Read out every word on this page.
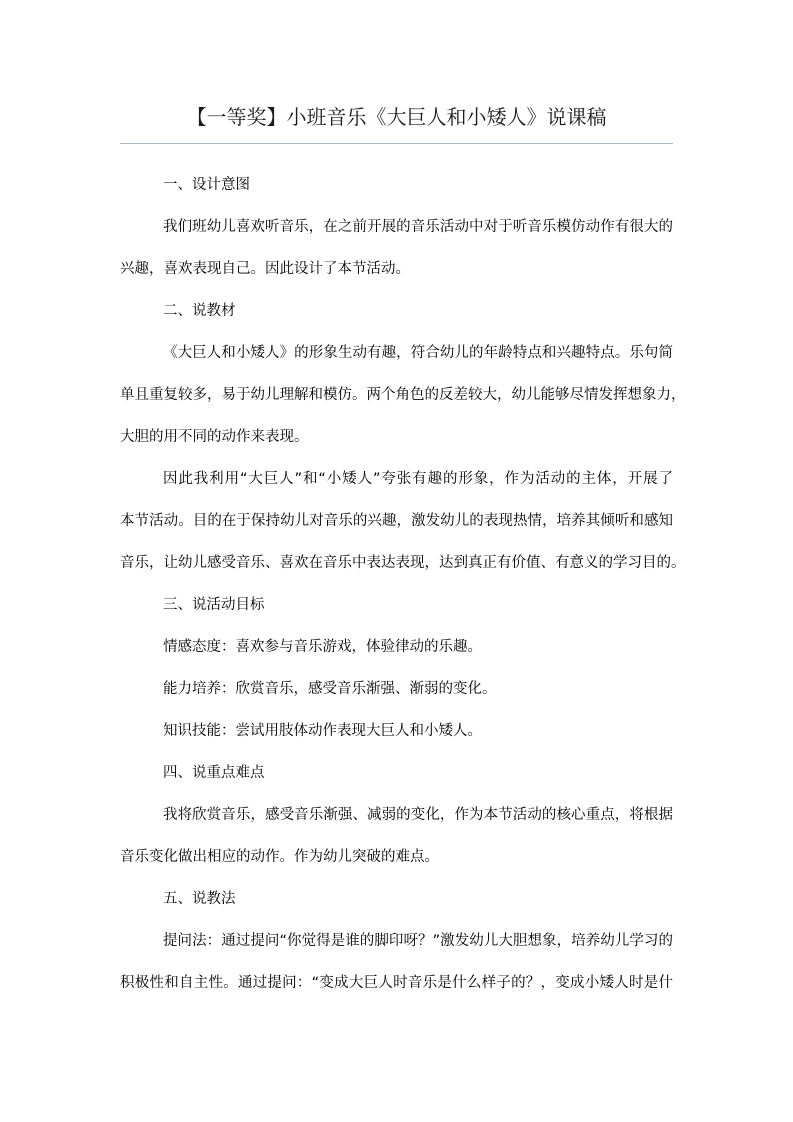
【一等奖】小班音乐《大巨人和小矮人》说课稿
一、设计意图
我们班幼儿喜欢听音乐，在之前开展的音乐活动中对于听音乐模仿动作有很大的
兴趣，喜欢表现自己。因此设计了本节活动。
二、说教材
《大巨人和小矮人》的形象生动有趣，符合幼儿的年龄特点和兴趣特点。乐句简
单且重复较多，易于幼儿理解和模仿。两个角色的反差较大，幼儿能够尽情发挥想象力，
大胆的用不同的动作来表现。
因此我利用“大巨人”和“小矮人”夸张有趣的形象，作为活动的主体，开展了
本节活动。目的在于保持幼儿对音乐的兴趣，激发幼儿的表现热情，培养其倾听和感知
音乐，让幼儿感受音乐、喜欢在音乐中表达表现，达到真正有价值、有意义的学习目的。
三、说活动目标
情感态度：喜欢参与音乐游戏，体验律动的乐趣。
能力培养：欣赏音乐，感受音乐渐强、渐弱的变化。
知识技能：尝试用肢体动作表现大巨人和小矮人。
四、说重点难点
我将欣赏音乐，感受音乐渐强、减弱的变化，作为本节活动的核心重点，将根据
音乐变化做出相应的动作。作为幼儿突破的难点。
五、说教法
提问法：通过提问“你觉得是谁的脚印呀？”激发幼儿大胆想象，培养幼儿学习的
积极性和自主性。通过提问：“变成大巨人时音乐是什么样子的？，变成小矮人时是什
